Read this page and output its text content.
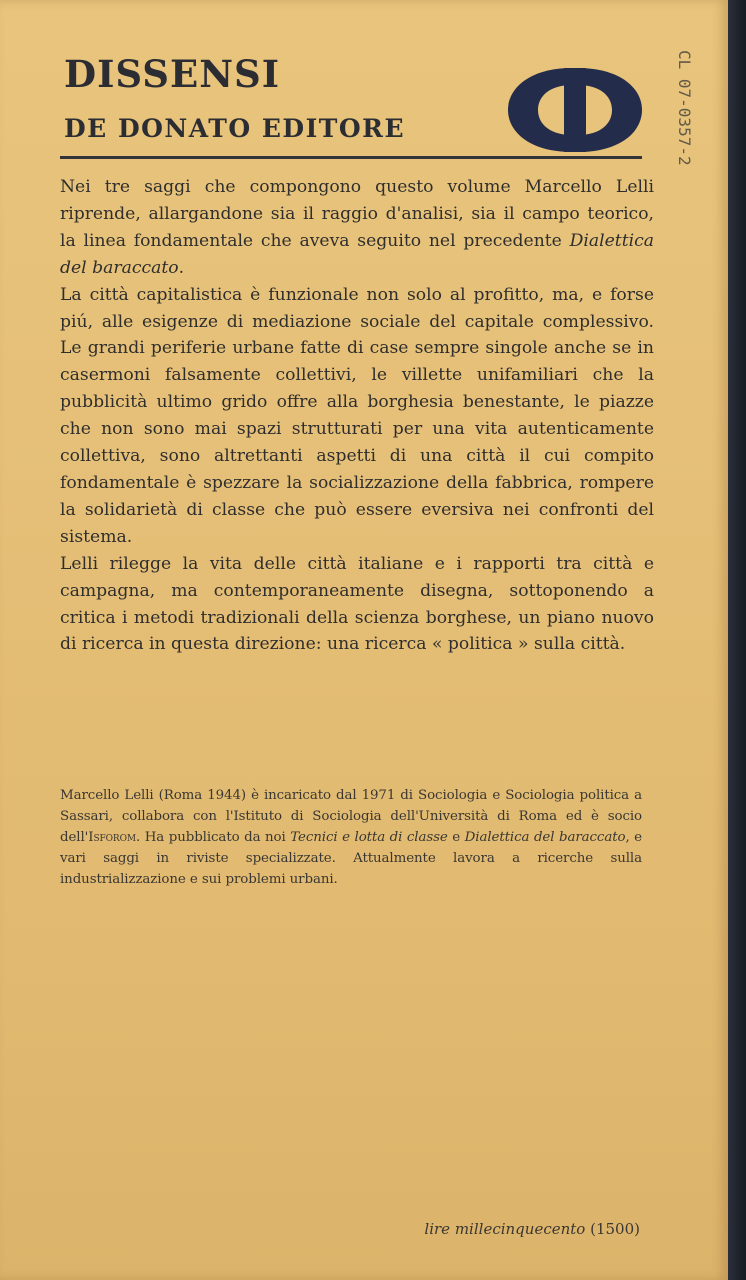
DISSENSI
DE DONATO EDITORE	CL 07-0357-2

Nei tre saggi che compongono questo volume Marcello Lelli riprende, allargandone sia il raggio d'analisi, sia il campo teorico, la linea fondamentale che aveva seguito nel precedente Dialettica del baraccato.

La città capitalistica è funzionale non solo al profitto, ma, e forse piú, alle esigenze di mediazione sociale del capitale complessivo. Le grandi periferie urbane fatte di case sempre singole anche se in casermoni falsamente collettivi, le villette unifamiliari che la pubblicità ultimo grido offre alla borghesia benestante, le piazze che non sono mai spazi strutturati per una vita autenticamente collettiva, sono altrettanti aspetti di una città il cui compito fondamentale è spezzare la socializzazione della fabbrica, rompere la solidarietà di classe che può essere eversiva nei confronti del sistema.

Lelli rilegge la vita delle città italiane e i rapporti tra città e campagna, ma contemporaneamente disegna, sottoponendo a critica i metodi tradizionali della scienza borghese, un piano nuovo di ricerca in questa direzione: una ricerca « politica » sulla città.

Marcello Lelli (Roma 1944) è incaricato dal 1971 di Sociologia e Sociologia politica a Sassari, collabora con l'Istituto di Sociologia dell'Università di Roma ed è socio dell'Isforom. Ha pubblicato da noi Tecnici e lotta di classe e Dialettica del baraccato, e vari saggi in riviste specializzate. Attualmente lavora a ricerche sulla industrializzazione e sui problemi urbani.

lire millecinquecento (1500)
